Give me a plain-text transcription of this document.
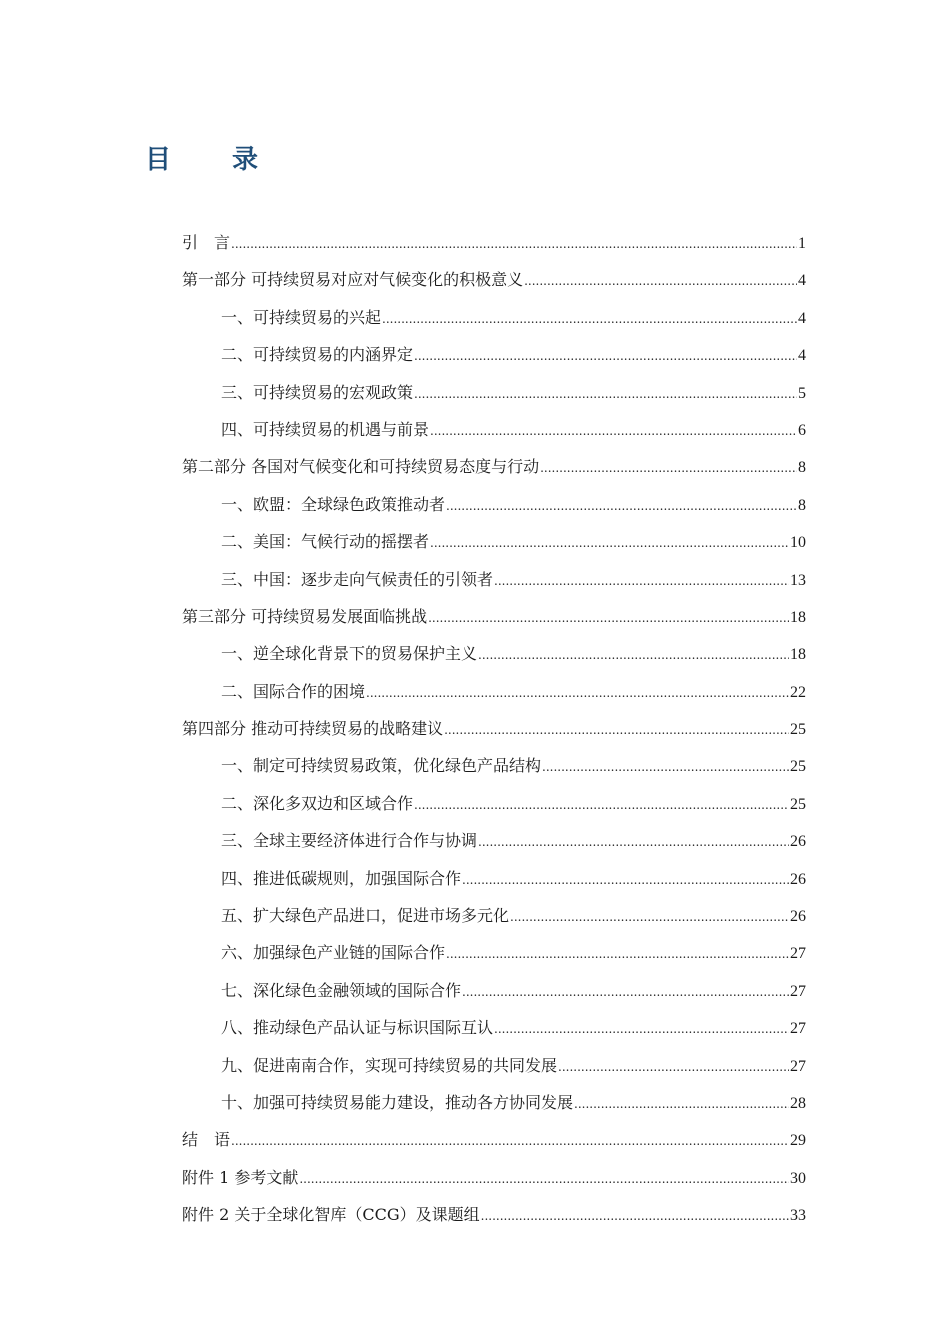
目 录
引　言 .....	1
第一部分 可持续贸易对应对气候变化的积极意义 .....	4
一、可持续贸易的兴起 .....	4
二、可持续贸易的内涵界定 .....	4
三、可持续贸易的宏观政策 .....	5
四、可持续贸易的机遇与前景 .....	6
第二部分 各国对气候变化和可持续贸易态度与行动 .....	8
一、欧盟：全球绿色政策推动者 .....	8
二、美国：气候行动的摇摆者 .....	10
三、中国：逐步走向气候责任的引领者 .....	13
第三部分 可持续贸易发展面临挑战 .....	18
一、逆全球化背景下的贸易保护主义 .....	18
二、国际合作的困境 .....	22
第四部分 推动可持续贸易的战略建议 .....	25
一、制定可持续贸易政策，优化绿色产品结构 .....	25
二、深化多双边和区域合作 .....	25
三、全球主要经济体进行合作与协调 .....	26
四、推进低碳规则，加强国际合作 .....	26
五、扩大绿色产品进口，促进市场多元化 .....	26
六、加强绿色产业链的国际合作 .....	27
七、深化绿色金融领域的国际合作 .....	27
八、推动绿色产品认证与标识国际互认 .....	27
九、促进南南合作，实现可持续贸易的共同发展 .....	27
十、加强可持续贸易能力建设，推动各方协同发展 .....	28
结　语 .....	29
附件 1 参考文献 .....	30
附件 2 关于全球化智库（CCG）及课题组 .....	33
